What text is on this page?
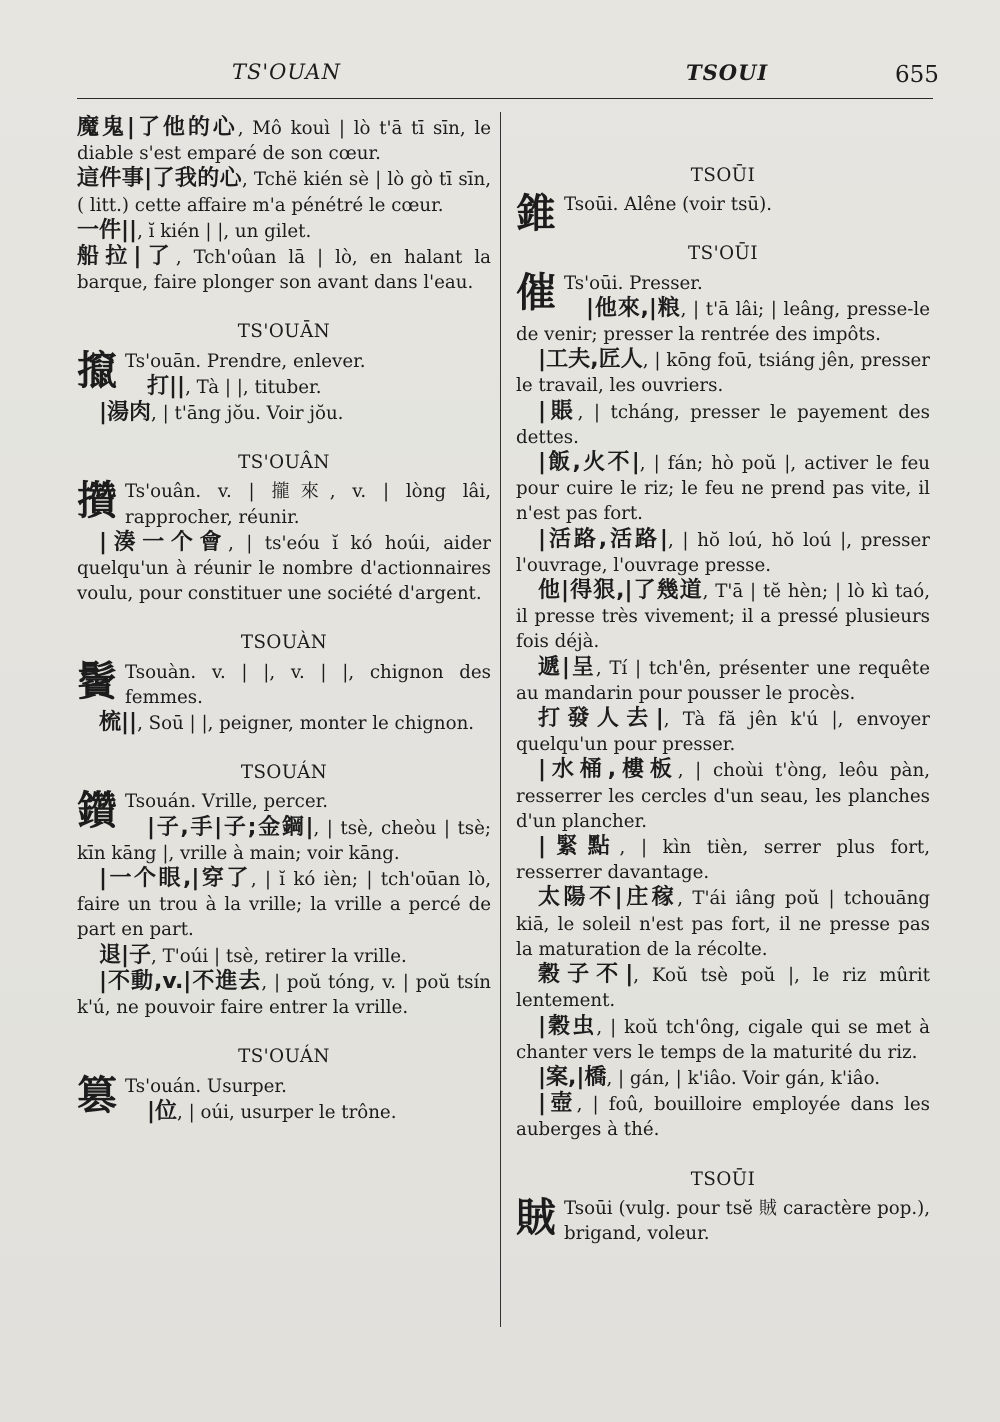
TS'OUAN	TSOUI	655

魔鬼|了他的心, Mô kouì | lò t'ā tī sīn, le diable s'est emparé de son cœur.

這件事|了我的心, Tchë kién sè | lò gò tī sīn, ( litt.) cette affaire m'a pénétré le cœur.

一件||, ĭ kién | |, un gilet.

船拉|了, Tch'oûan lā | lò, en halant la barque, faire plonger son avant dans l'eau.

TS'OUĀN

攛 Ts'ouān. Prendre, enlever.

打||, Tà | |, tituber.

|湯肉, | t'āng jŏu. Voir jŏu.

TS'OUÂN

攢 Ts'ouân. v. | 攏來, v. | lòng lâi, rapprocher, réunir.

|湊一个會, | ts'eóu ĭ kó hoúi, aider quelqu'un à réunir le nombre d'actionnaires voulu, pour constituer une société d'argent.

TSOUÀN

鬢 Tsouàn. v. | |, v. | |, chignon des femmes.

梳||, Soū | |, peigner, monter le chignon.

TSOUÁN

鑽 Tsouán. Vrille, percer.

|子,手|子;金鋼|, | tsè, cheòu | tsè; kīn kāng |, vrille à main; voir kāng.

|一个眼,|穿了, | ĭ kó ièn; | tch'oūan lò, faire un trou à la vrille; la vrille a percé de part en part.

退|子, T'oúi | tsè, retirer la vrille.

|不動,v.|不進去, | poŭ tóng, v. | poŭ tsín k'ú, ne pouvoir faire entrer la vrille.

TS'OUÁN

篡 Ts'ouán. Usurper.

|位, | oúi, usurper le trône.

TSOŪI

錐 Tsoūi. Alêne (voir tsū).

TS'OŪI

催 Ts'oūi. Presser.

|他來,|粮, | t'ā lâi; | leâng, presse-le de venir; presser la rentrée des impôts.

|工夫,匠人, | kōng foū, tsiáng jên, presser le travail, les ouvriers.

|賬, | tcháng, presser le payement des dettes.

|飯,火不|, | fán; hò poŭ |, activer le feu pour cuire le riz; le feu ne prend pas vite, il n'est pas fort.

|活路,活路|, | hŏ loú, hŏ loú |, presser l'ouvrage, l'ouvrage presse.

他|得狠,|了幾道, T'ā | tĕ hèn; | lò kì taó, il presse très vivement; il a pressé plusieurs fois déjà.

遞|呈, Tí | tch'ên, présenter une requête au mandarin pour pousser le procès.

打發人去|, Tà fă jên k'ú |, envoyer quelqu'un pour presser.

|水桶,樓板, | choùi t'òng, leôu pàn, resserrer les cercles d'un seau, les planches d'un plancher.

|緊點, | kìn tièn, serrer plus fort, resserrer davantage.

太陽不|庄稼, T'ái iâng poŭ | tchouāng kiā, le soleil n'est pas fort, il ne presse pas la maturation de la récolte.

穀子不|, Koŭ tsè poŭ |, le riz mûrit lentement.

|穀虫, | koŭ tch'ông, cigale qui se met à chanter vers le temps de la maturité du riz.

|案,|橋, | gán, | k'iâo. Voir gán, k'iâo.

|壺, | foû, bouilloire employée dans les auberges à thé.

TSOŪI

賊 Tsoūi (vulg. pour tsĕ 賊 caractère pop.), brigand, voleur.
